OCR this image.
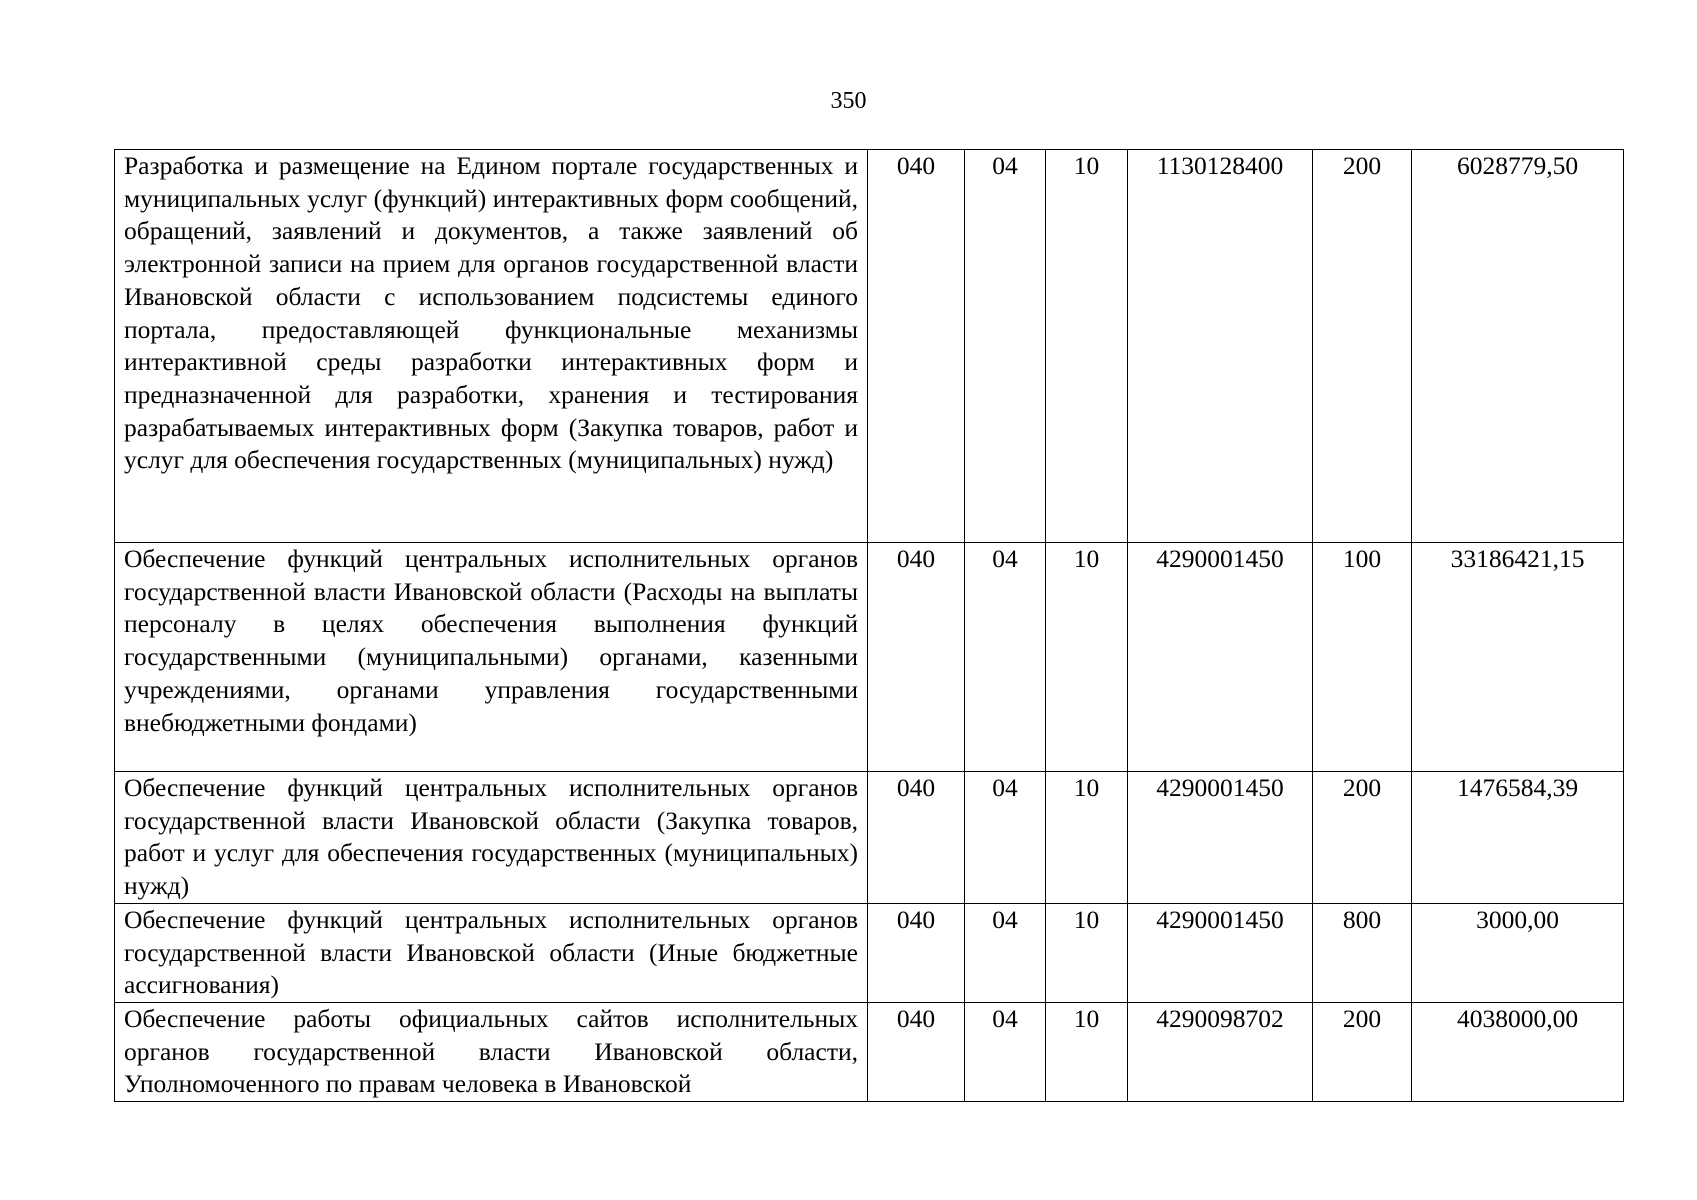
350
Разработка и размещение на Едином портале государственных и муниципальных услуг (функций) интерактивных форм сообщений, обращений, заявлений и документов, а также заявлений об электронной записи на прием для органов государственной власти Ивановской области с использованием подсистемы единого портала, предоставляющей функциональные механизмы интерактивной среды разработки интерактивных форм и предназначенной для разработки, хранения и тестирования разрабатываемых интерактивных форм (Закупка товаров, работ и услуг для обеспечения государственных (муниципальных) нужд)	040	04	10	1130128400	200	6028779,50
Обеспечение функций центральных исполнительных органов государственной власти Ивановской области (Расходы на выплаты персоналу в целях обеспечения выполнения функций государственными (муниципальными) органами, казенными учреждениями, органами управления государственными внебюджетными фондами)	040	04	10	4290001450	100	33186421,15
Обеспечение функций центральных исполнительных органов государственной власти Ивановской области (Закупка товаров, работ и услуг для обеспечения государственных (муниципальных) нужд)	040	04	10	4290001450	200	1476584,39
Обеспечение функций центральных исполнительных органов государственной власти Ивановской области (Иные бюджетные ассигнования)	040	04	10	4290001450	800	3000,00
Обеспечение работы официальных сайтов исполнительных органов государственной власти Ивановской области, Уполномоченного по правам человека в Ивановской	040	04	10	4290098702	200	4038000,00
